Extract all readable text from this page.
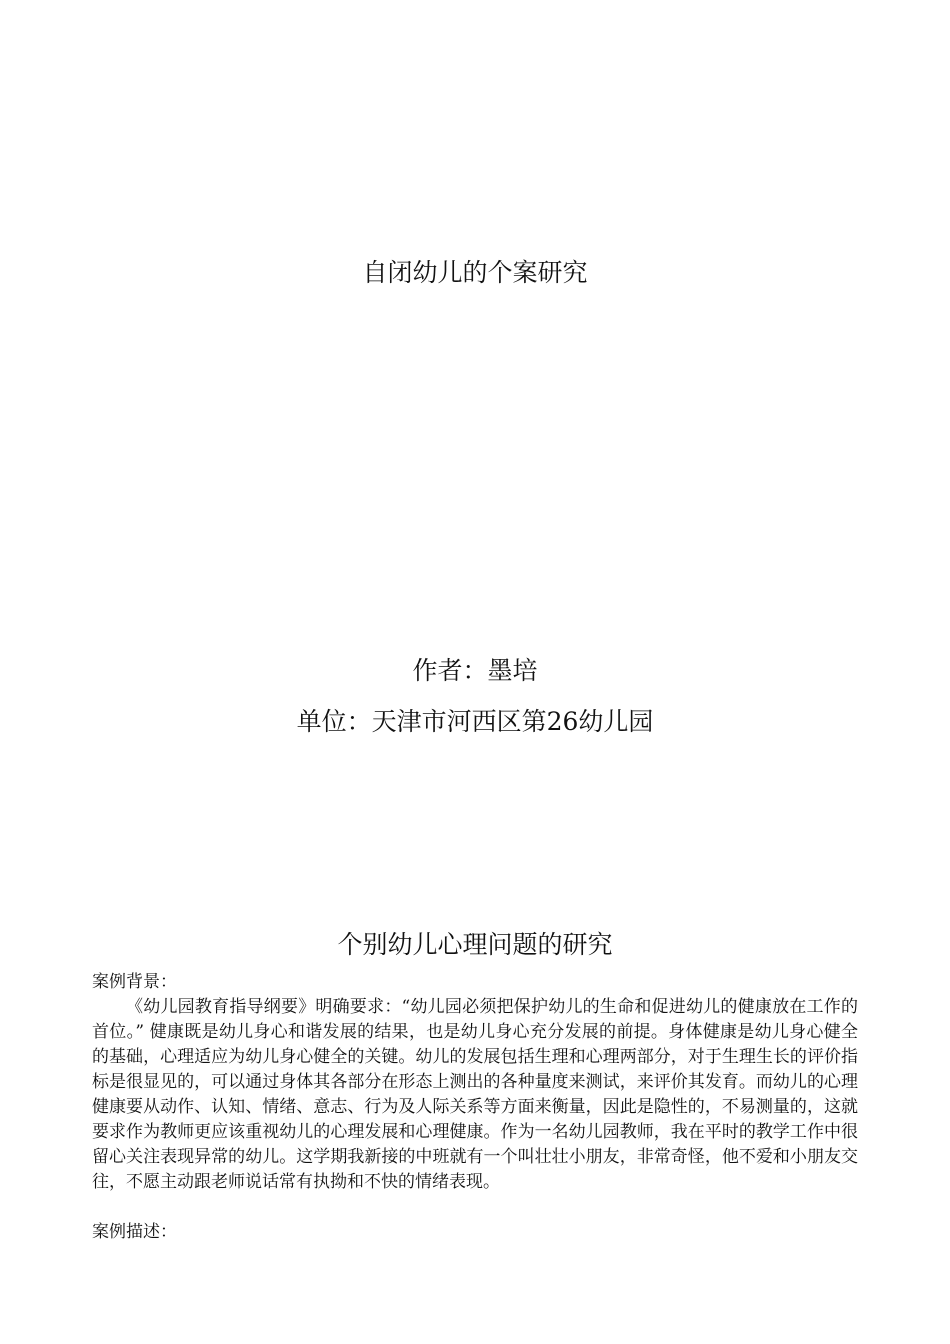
自闭幼儿的个案研究
作者：墨培
单位：天津市河西区第26幼儿园
个别幼儿心理问题的研究
案例背景：
《幼儿园教育指导纲要》明确要求：“幼儿园必须把保护幼儿的生命和促进幼儿的健康放在工作的首位。” 健康既是幼儿身心和谐发展的结果，也是幼儿身心充分发展的前提。身体健康是幼儿身心健全的基础，心理适应为幼儿身心健全的关键。幼儿的发展包括生理和心理两部分，对于生理生长的评价指标是很显见的，可以通过身体其各部分在形态上测出的各种量度来测试，来评价其发育。而幼儿的心理健康要从动作、认知、情绪、意志、行为及人际关系等方面来衡量，因此是隐性的，不易测量的，这就要求作为教师更应该重视幼儿的心理发展和心理健康。作为一名幼儿园教师，我在平时的教学工作中很留心关注表现异常的幼儿。这学期我新接的中班就有一个叫壮壮小朋友，非常奇怪，他不爱和小朋友交往，不愿主动跟老师说话常有执拗和不快的情绪表现。
案例描述：
